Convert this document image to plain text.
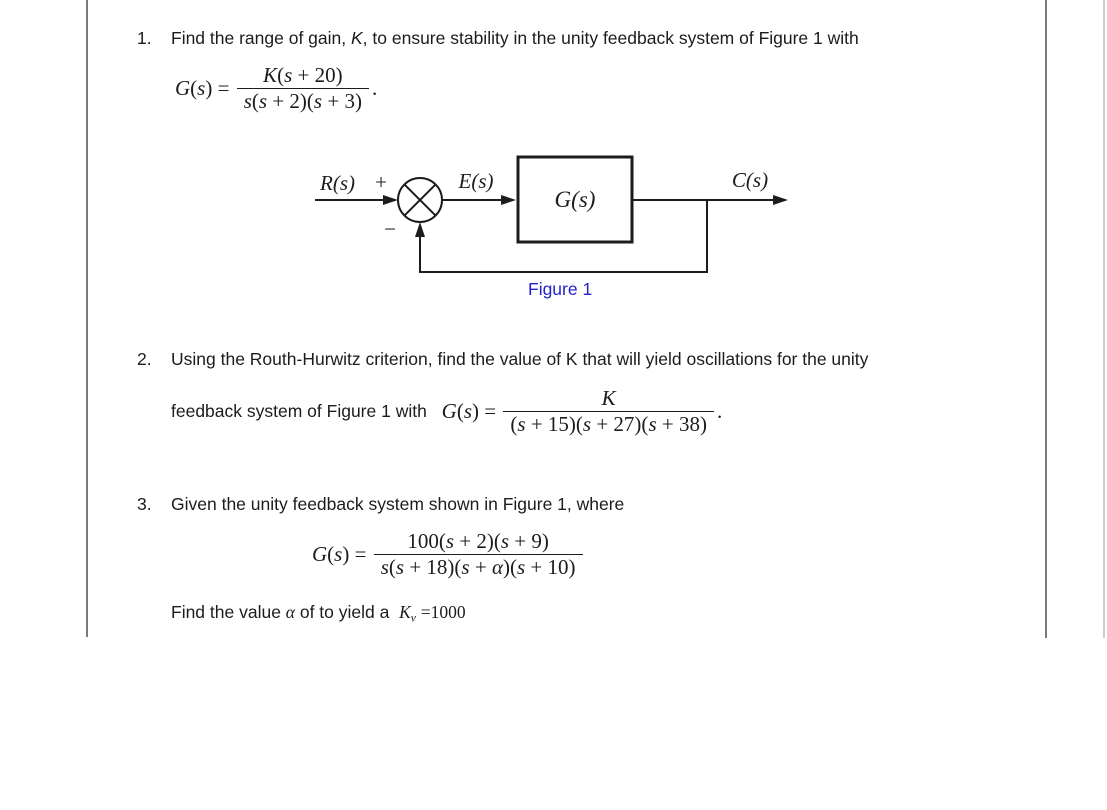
1.	Find the range of gain, K, to ensure stability in the unity feedback system of Figure 1 with
$G(s) = \frac{K(s + 20)}{s(s + 2)(s + 3)}$ .
R(s) +	E(s)	C(s)
G(s)
−
Figure 1
2.	Using the Routh-Hurwitz criterion, find the value of K that will yield oscillations for the unity
feedback system of Figure 1 with $G(s) = \frac{K}{(s + 15)(s + 27)(s + 38)}$ .
3.	Given the unity feedback system shown in Figure 1, where
$G(s) = \frac{100(s + 2)(s + 9)}{s(s + 18)(s + \alpha)(s + 10)}$
Find the value α of to yield a  $K_v =1000$
